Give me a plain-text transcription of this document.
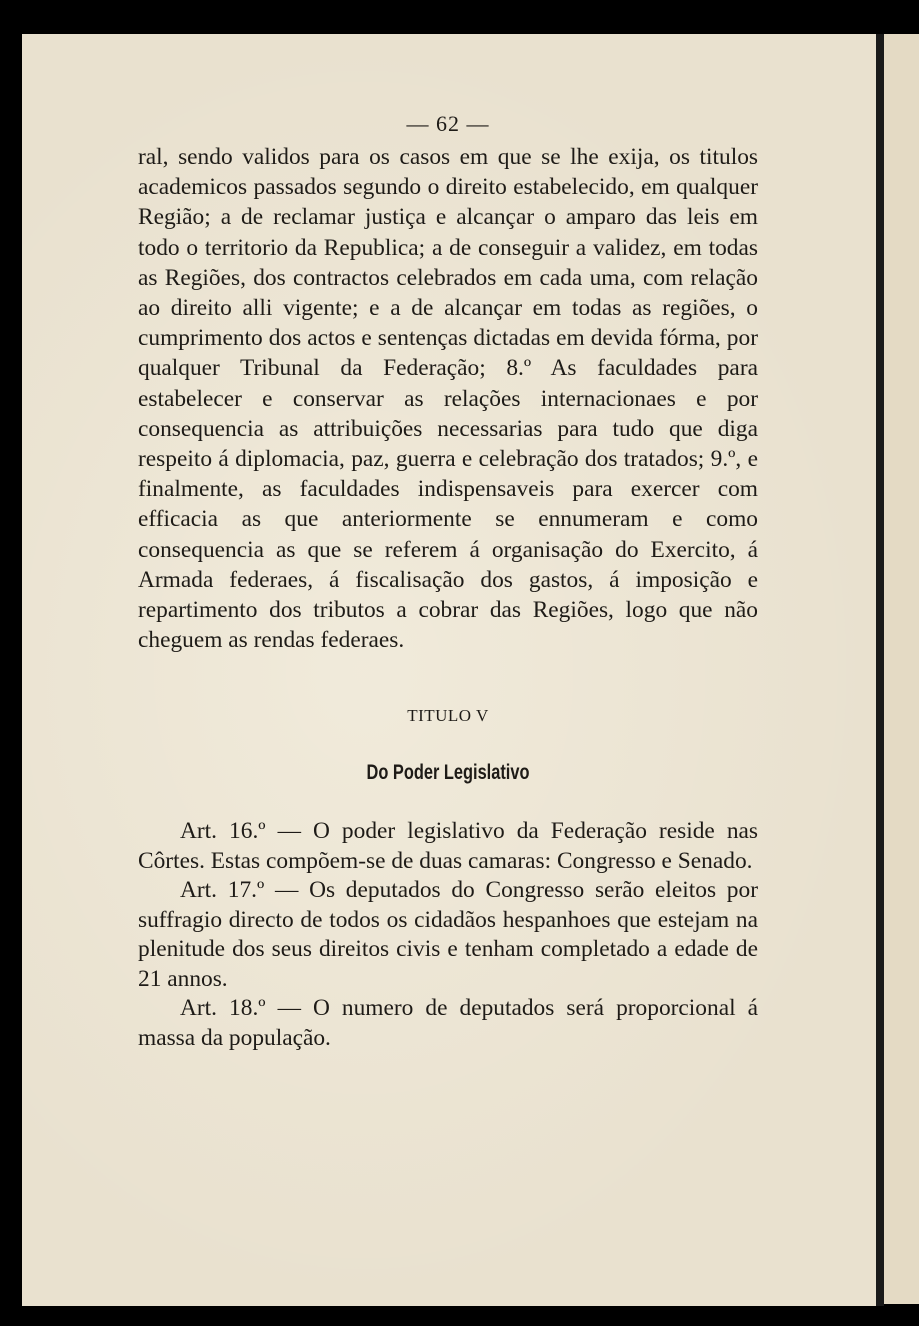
— 62 —

ral, sendo validos para os casos em que se lhe exija, os titulos academicos passados segundo o direito estabelecido, em qualquer Região; a de reclamar justiça e alcançar o amparo das leis em todo o territorio da Republica; a de conseguir a validez, em todas as Regiões, dos contractos celebrados em cada uma, com relação ao direito alli vigente; e a de alcançar em todas as regiões, o cumprimento dos actos e sentenças dictadas em devida fórma, por qualquer Tribunal da Federação; 8.º As faculdades para estabelecer e conservar as relações internacionaes e por consequencia as attribuições necessarias para tudo que diga respeito á diplomacia, paz, guerra e celebração dos tratados; 9.º, e finalmente, as faculdades indispensaveis para exercer com efficacia as que anteriormente se ennumeram e como consequencia as que se referem á organisação do Exercito, á Armada federaes, á fiscalisação dos gastos, á imposição e repartimento dos tributos a cobrar das Regiões, logo que não cheguem as rendas federaes.

TITULO V
Do Poder Legislativo

Art. 16.º — O poder legislativo da Federação reside nas Côrtes. Estas compõem-se de duas camaras: Congresso e Senado.

Art. 17.º — Os deputados do Congresso serão eleitos por suffragio directo de todos os cidadãos hespanhoes que estejam na plenitude dos seus direitos civis e tenham completado a edade de 21 annos.

Art. 18.º — O numero de deputados será proporcional á massa da população.
